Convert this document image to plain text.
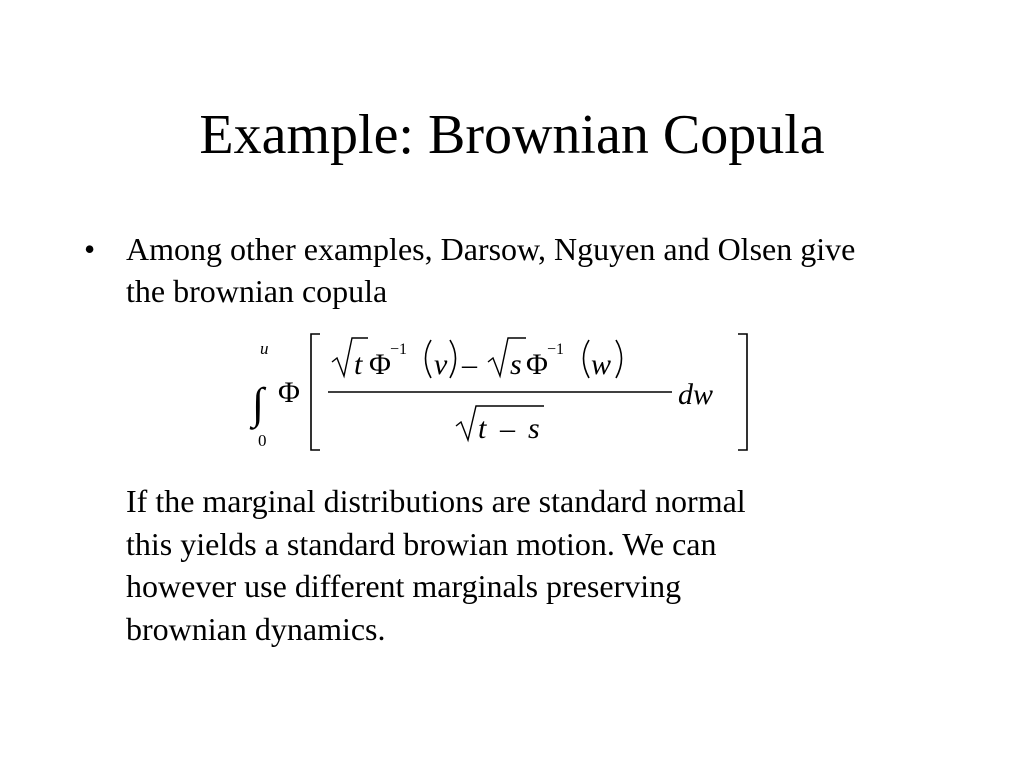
Example: Brownian Copula
• Among other examples, Darsow, Nguyen and Olsen give the brownian copula
u
∫
0
Φ
t Φ −1 v – s Φ −1 w
t – s
dw
If the marginal distributions are standard normal
this yields a standard browian motion. We can
however use different marginals preserving
brownian dynamics.
